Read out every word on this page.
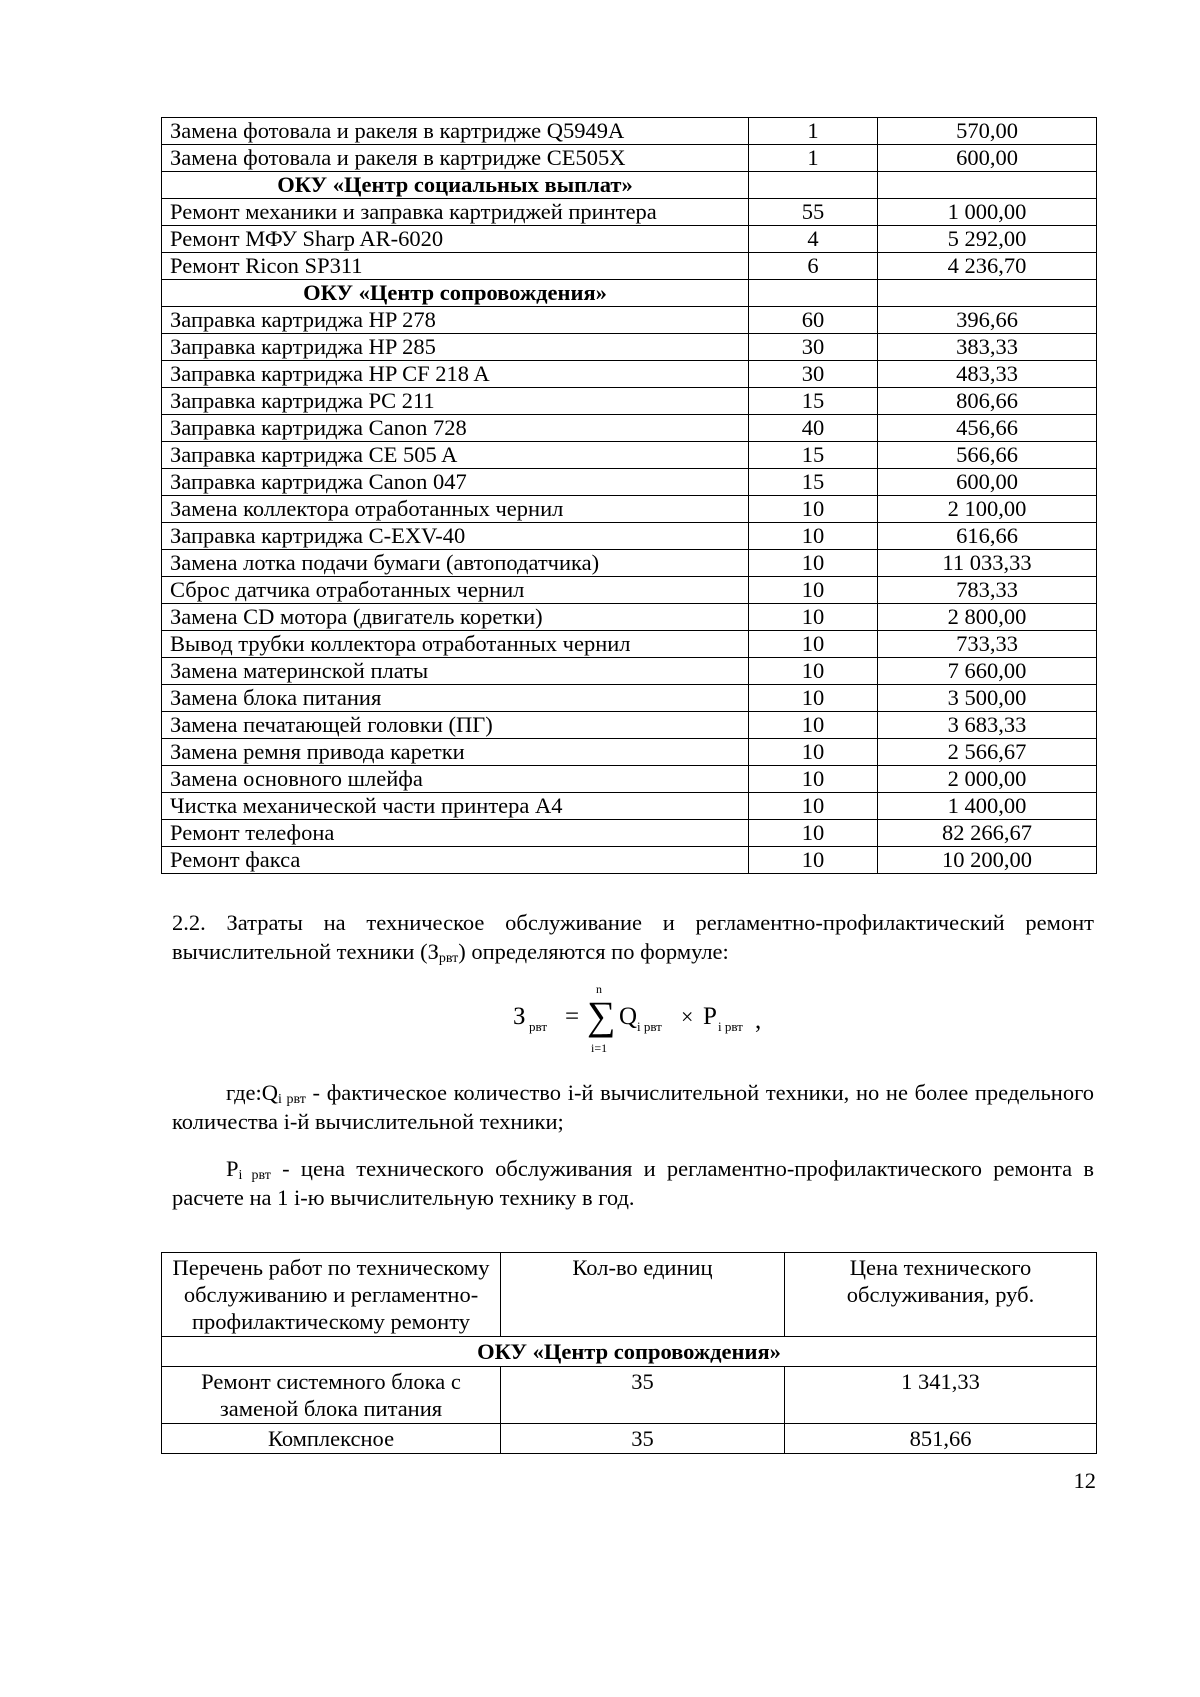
Замена фотовала и ракеля в картридже Q5949A	1	570,00
Замена фотовала и ракеля в картридже CE505X	1	600,00
ОКУ «Центр социальных выплат»		
Ремонт механики и заправка картриджей принтера	55	1 000,00
Ремонт МФУ Sharp AR-6020	4	5 292,00
Ремонт Ricon SP311	6	4 236,70
ОКУ «Центр сопровождения»		
Заправка картриджа HP 278	60	396,66
Заправка картриджа HP 285	30	383,33
Заправка картриджа HP CF 218 A	30	483,33
Заправка картриджа PC 211	15	806,66
Заправка картриджа Canon 728	40	456,66
Заправка картриджа CE 505 A	15	566,66
Заправка картриджа Canon 047	15	600,00
Замена коллектора отработанных чернил	10	2 100,00
Заправка картриджа C-EXV-40	10	616,66
Замена лотка подачи бумаги (автоподатчика)	10	11 033,33
Сброс датчика отработанных чернил	10	783,33
Замена CD мотора (двигатель коретки)	10	2 800,00
Вывод трубки коллектора отработанных чернил	10	733,33
Замена материнской платы	10	7 660,00
Замена блока питания	10	3 500,00
Замена печатающей головки (ПГ)	10	3 683,33
Замена ремня привода каретки	10	2 566,67
Замена основного шлейфа	10	2 000,00
Чистка механической части принтера А4	10	1 400,00
Ремонт телефона	10	82 266,67
Ремонт факса	10	10 200,00
2.2. Затраты на техническое обслуживание и регламентно-профилактический ремонт вычислительной техники $(З_{рвт})$ определяются по формуле:
З рвт = ∑
n
i=1
Q i рвт × P i рвт ,
$где:Q_{i рвт}$ - фактическое количество i-й вычислительной техники, но не более предельного количества i-й вычислительной техники;
$P_{i рвт}$ - цена технического обслуживания и регламентно-профилактического ремонта в расчете на 1 i-ю вычислительную технику в год.
Перечень работ по техническому обслуживанию и регламентно-профилактическому ремонту	Кол-во единиц	Цена технического обслуживания, руб.
ОКУ «Центр сопровождения»		
Ремонт системного блока с заменой блока питания	35	1 341,33
Комплексное	35	851,66
12
